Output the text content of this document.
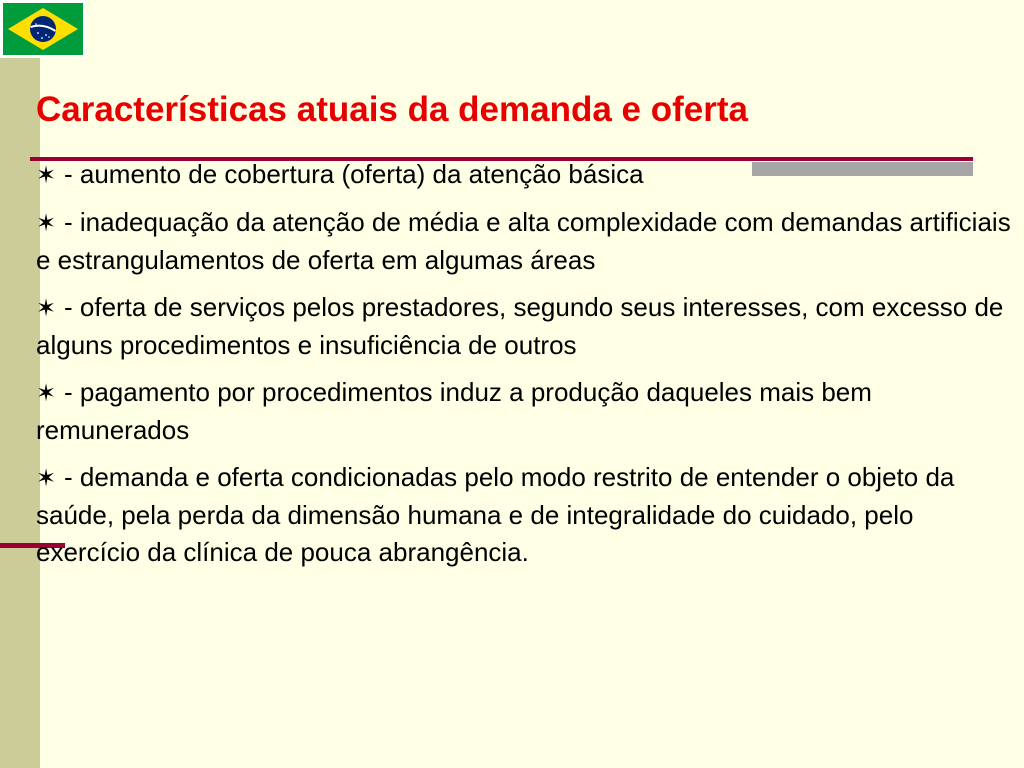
Características atuais da demanda e oferta
✶ - aumento de cobertura (oferta) da atenção básica
✶ - inadequação da atenção de média e alta complexidade com demandas artificiais e estrangulamentos de oferta em algumas áreas
✶ - oferta de serviços pelos prestadores, segundo seus interesses, com excesso de alguns procedimentos e insuficiência de outros
✶ - pagamento por procedimentos induz a produção daqueles mais bem remunerados
✶ - demanda e oferta condicionadas pelo modo restrito de entender o objeto da saúde, pela perda da dimensão humana e de integralidade do cuidado, pelo exercício da clínica de pouca abrangência.
